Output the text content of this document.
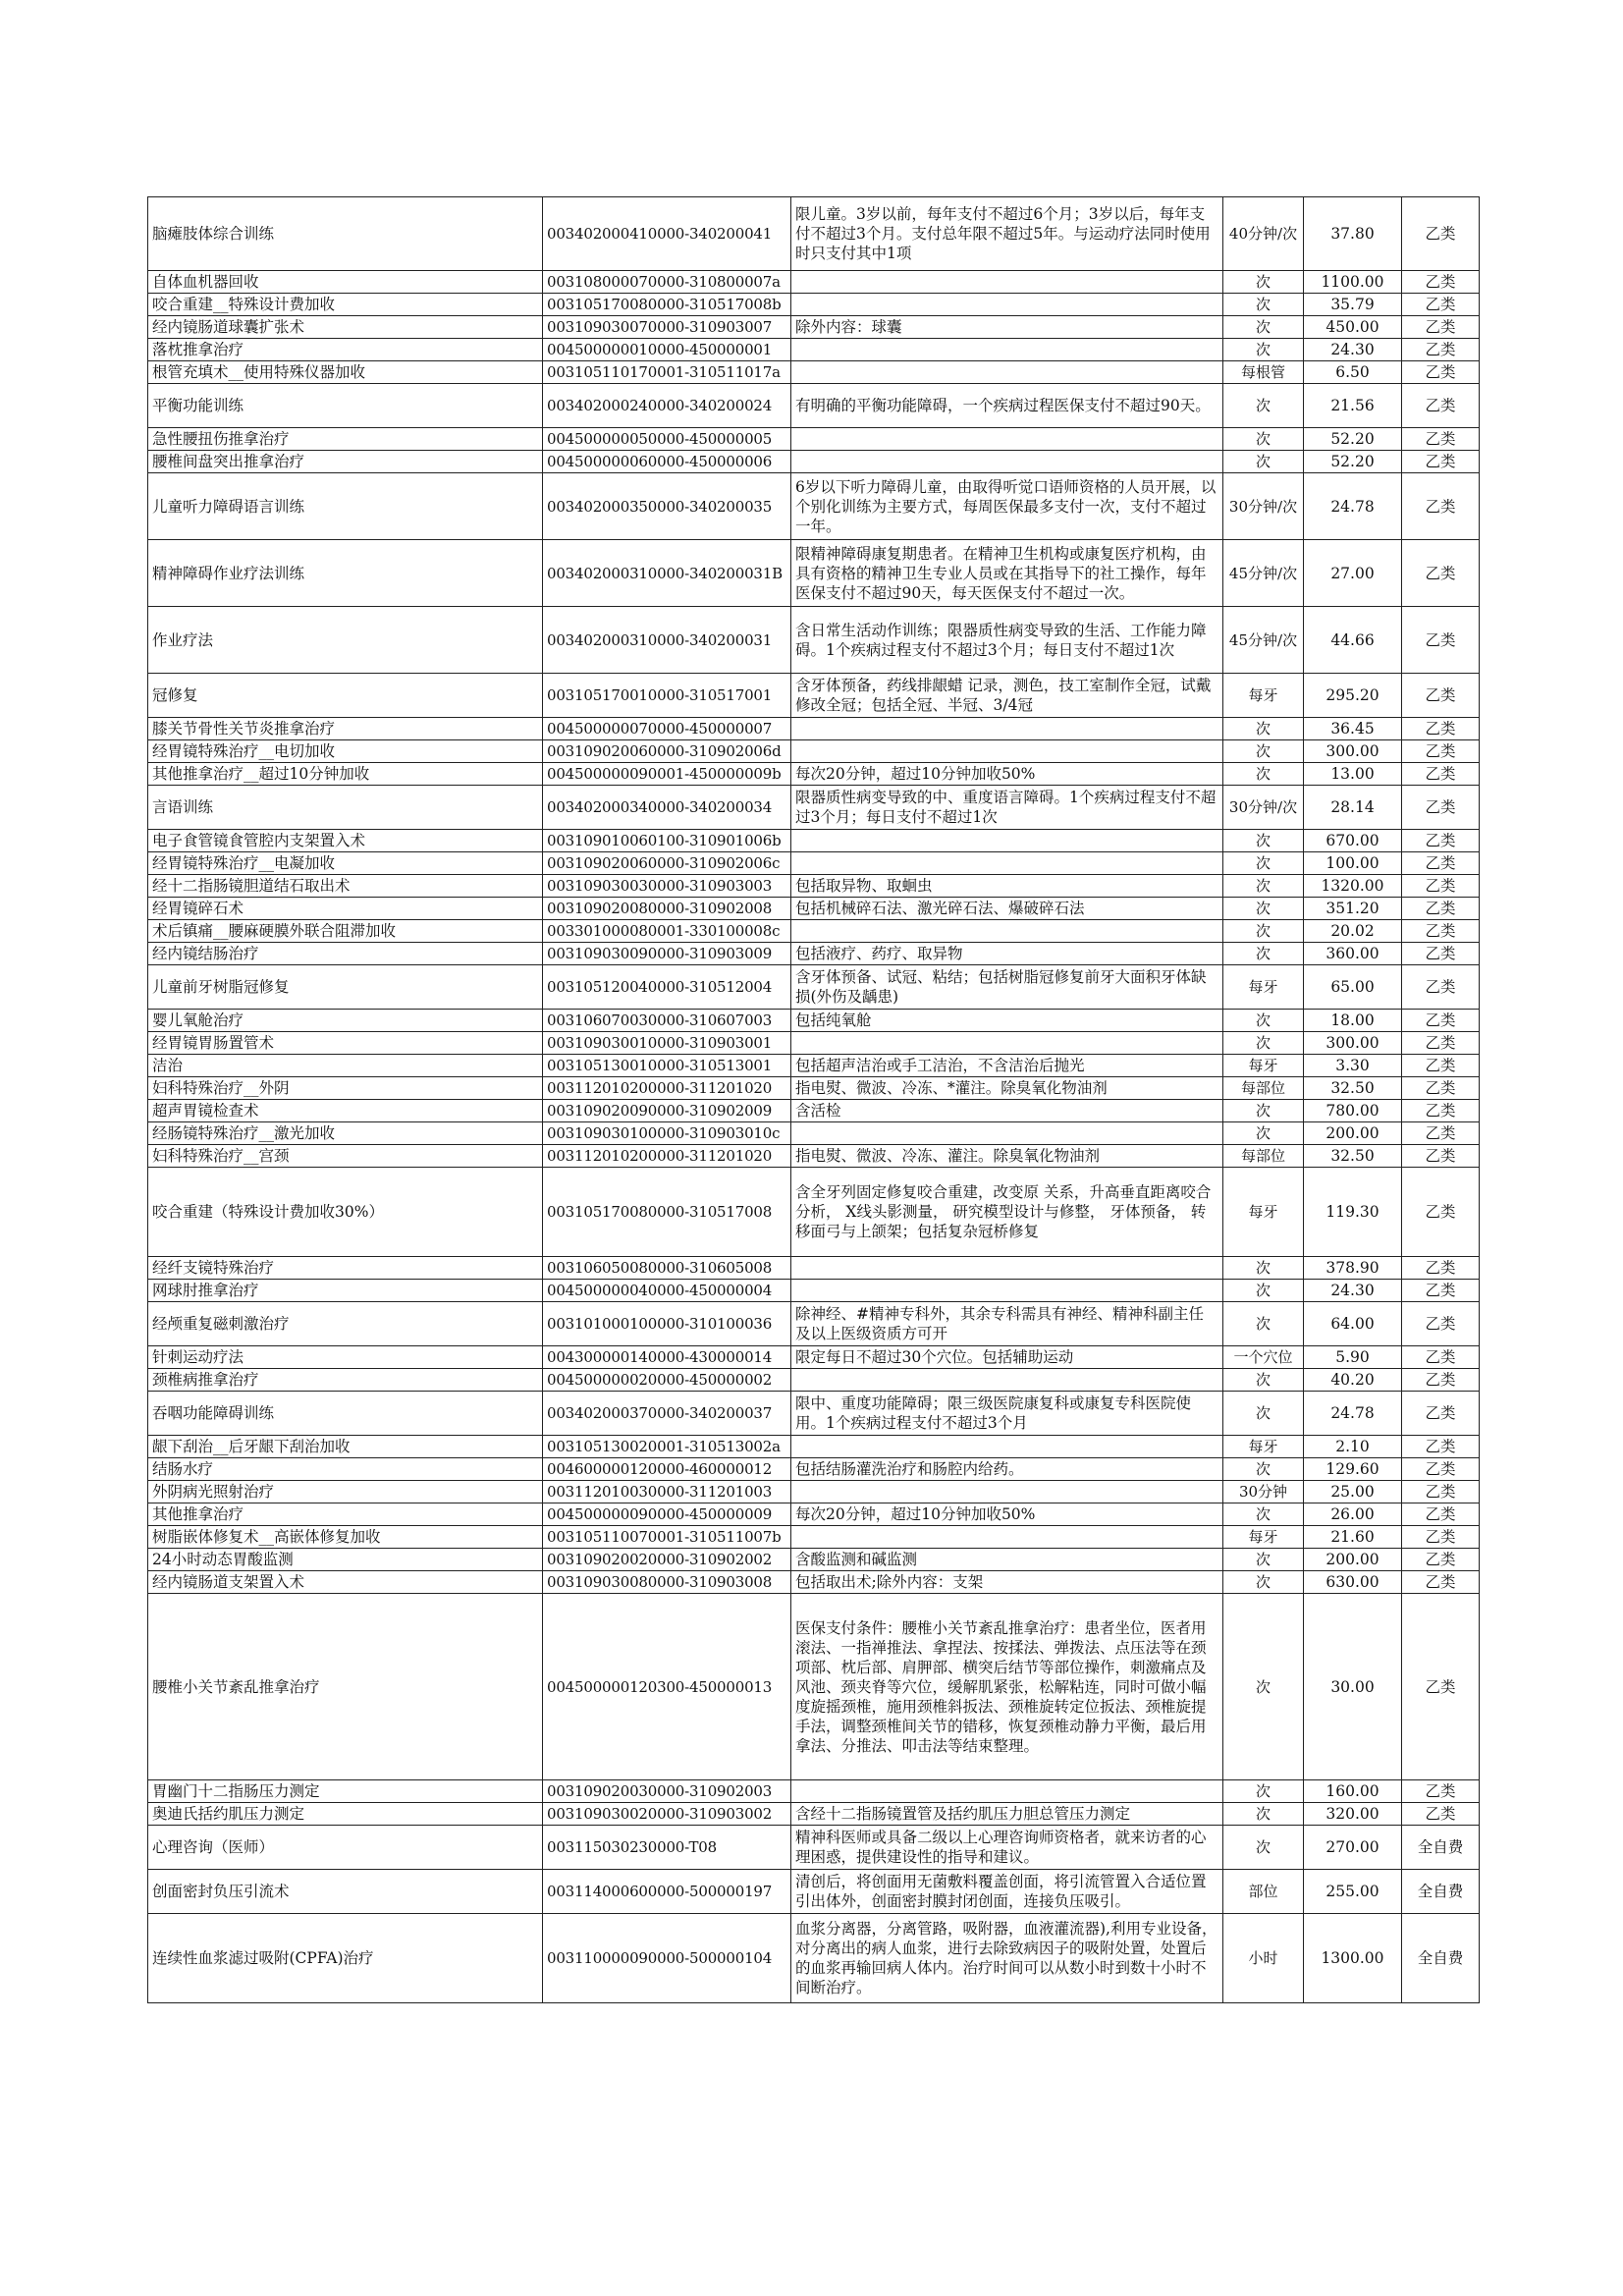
脑瘫肢体综合训练	003402000410000-340200041	限儿童。3岁以前，每年支付不超过6个月；3岁以后，每年支付不超过3个月。支付总年限不超过5年。与运动疗法同时使用时只支付其中1项	40分钟/次	37.80	乙类
自体血机器回收	003108000070000-310800007a		次	1100.00	乙类
咬合重建__特殊设计费加收	003105170080000-310517008b		次	35.79	乙类
经内镜肠道球囊扩张术	003109030070000-310903007	除外内容：球囊	次	450.00	乙类
落枕推拿治疗	004500000010000-450000001		次	24.30	乙类
根管充填术__使用特殊仪器加收	003105110170001-310511017a		每根管	6.50	乙类
平衡功能训练	003402000240000-340200024	有明确的平衡功能障碍，一个疾病过程医保支付不超过90天。	次	21.56	乙类
急性腰扭伤推拿治疗	004500000050000-450000005		次	52.20	乙类
腰椎间盘突出推拿治疗	004500000060000-450000006		次	52.20	乙类
儿童听力障碍语言训练	003402000350000-340200035	6岁以下听力障碍儿童，由取得听觉口语师资格的人员开展，以个别化训练为主要方式，每周医保最多支付一次，支付不超过一年。	30分钟/次	24.78	乙类
精神障碍作业疗法训练	003402000310000-340200031B	限精神障碍康复期患者。在精神卫生机构或康复医疗机构，由具有资格的精神卫生专业人员或在其指导下的社工操作，每年医保支付不超过90天，每天医保支付不超过一次。	45分钟/次	27.00	乙类
作业疗法	003402000310000-340200031	含日常生活动作训练；限器质性病变导致的生活、工作能力障碍。1个疾病过程支付不超过3个月；每日支付不超过1次	45分钟/次	44.66	乙类
冠修复	003105170010000-310517001	含牙体预备，药线排龈蜡 记录，测色，技工室制作全冠，试戴修改全冠；包括全冠、半冠、3/4冠	每牙	295.20	乙类
膝关节骨性关节炎推拿治疗	004500000070000-450000007		次	36.45	乙类
经胃镜特殊治疗__电切加收	003109020060000-310902006d		次	300.00	乙类
其他推拿治疗__超过10分钟加收	004500000090001-450000009b	每次20分钟，超过10分钟加收50%	次	13.00	乙类
言语训练	003402000340000-340200034	限器质性病变导致的中、重度语言障碍。1个疾病过程支付不超过3个月；每日支付不超过1次	30分钟/次	28.14	乙类
电子食管镜食管腔内支架置入术	003109010060100-310901006b		次	670.00	乙类
经胃镜特殊治疗__电凝加收	003109020060000-310902006c		次	100.00	乙类
经十二指肠镜胆道结石取出术	003109030030000-310903003	包括取异物、取蛔虫	次	1320.00	乙类
经胃镜碎石术	003109020080000-310902008	包括机械碎石法、激光碎石法、爆破碎石法	次	351.20	乙类
术后镇痛__腰麻硬膜外联合阻滞加收	003301000080001-330100008c		次	20.02	乙类
经内镜结肠治疗	003109030090000-310903009	包括液疗、药疗、取异物	次	360.00	乙类
儿童前牙树脂冠修复	003105120040000-310512004	含牙体预备、试冠、粘结；包括树脂冠修复前牙大面积牙体缺损(外伤及龋患)	每牙	65.00	乙类
婴儿氧舱治疗	003106070030000-310607003	包括纯氧舱	次	18.00	乙类
经胃镜胃肠置管术	003109030010000-310903001		次	300.00	乙类
洁治	003105130010000-310513001	包括超声洁治或手工洁治，不含洁治后抛光	每牙	3.30	乙类
妇科特殊治疗__外阴	003112010200000-311201020	指电熨、微波、冷冻、*灌注。除臭氧化物油剂	每部位	32.50	乙类
超声胃镜检查术	003109020090000-310902009	含活检	次	780.00	乙类
经肠镜特殊治疗__激光加收	003109030100000-310903010c		次	200.00	乙类
妇科特殊治疗__宫颈	003112010200000-311201020	指电熨、微波、冷冻、灌注。除臭氧化物油剂	每部位	32.50	乙类
咬合重建（特殊设计费加收30%）	003105170080000-310517008	含全牙列固定修复咬合重建，改变原 关系，升高垂直距离咬合分析， X线头影测量， 研究模型设计与修整， 牙体预备， 转移面弓与上颌架；包括复杂冠桥修复	每牙	119.30	乙类
经纤支镜特殊治疗	003106050080000-310605008		次	378.90	乙类
网球肘推拿治疗	004500000040000-450000004		次	24.30	乙类
经颅重复磁刺激治疗	003101000100000-310100036	除神经、#精神专科外，其余专科需具有神经、精神科副主任及以上医级资质方可开	次	64.00	乙类
针刺运动疗法	004300000140000-430000014	限定每日不超过30个穴位。包括辅助运动	一个穴位	5.90	乙类
颈椎病推拿治疗	004500000020000-450000002		次	40.20	乙类
吞咽功能障碍训练	003402000370000-340200037	限中、重度功能障碍；限三级医院康复科或康复专科医院使用。1个疾病过程支付不超过3个月	次	24.78	乙类
龈下刮治__后牙龈下刮治加收	003105130020001-310513002a		每牙	2.10	乙类
结肠水疗	004600000120000-460000012	包括结肠灌洗治疗和肠腔内给药。	次	129.60	乙类
外阴病光照射治疗	003112010030000-311201003		30分钟	25.00	乙类
其他推拿治疗	004500000090000-450000009	每次20分钟，超过10分钟加收50%	次	26.00	乙类
树脂嵌体修复术__高嵌体修复加收	003105110070001-310511007b		每牙	21.60	乙类
24小时动态胃酸监测	003109020020000-310902002	含酸监测和碱监测	次	200.00	乙类
经内镜肠道支架置入术	003109030080000-310903008	包括取出术;除外内容：支架	次	630.00	乙类
腰椎小关节紊乱推拿治疗	004500000120300-450000013	医保支付条件：腰椎小关节紊乱推拿治疗：患者坐位，医者用滚法、一指禅推法、拿捏法、按揉法、弹拨法、点压法等在颈项部、枕后部、肩胛部、横突后结节等部位操作，刺激痛点及风池、颈夹脊等穴位，缓解肌紧张，松解粘连，同时可做小幅度旋摇颈椎，施用颈椎斜扳法、颈椎旋转定位扳法、颈椎旋提手法，调整颈椎间关节的错移，恢复颈椎动静力平衡，最后用拿法、分推法、叩击法等结束整理。	次	30.00	乙类
胃幽门十二指肠压力测定	003109020030000-310902003		次	160.00	乙类
奥迪氏括约肌压力测定	003109030020000-310903002	含经十二指肠镜置管及括约肌压力胆总管压力测定	次	320.00	乙类
心理咨询（医师）	003115030230000-T08	精神科医师或具备二级以上心理咨询师资格者，就来访者的心理困惑，提供建设性的指导和建议。	次	270.00	全自费
创面密封负压引流术	003114000600000-500000197	清创后，将创面用无菌敷料覆盖创面，将引流管置入合适位置引出体外，创面密封膜封闭创面，连接负压吸引。	部位	255.00	全自费
连续性血浆滤过吸附(CPFA)治疗	003110000090000-500000104	血浆分离器，分离管路，吸附器，血液灌流器),利用专业设备，对分离出的病人血浆，进行去除致病因子的吸附处置，处置后的血浆再输回病人体内。治疗时间可以从数小时到数十小时不间断治疗。	小时	1300.00	全自费
